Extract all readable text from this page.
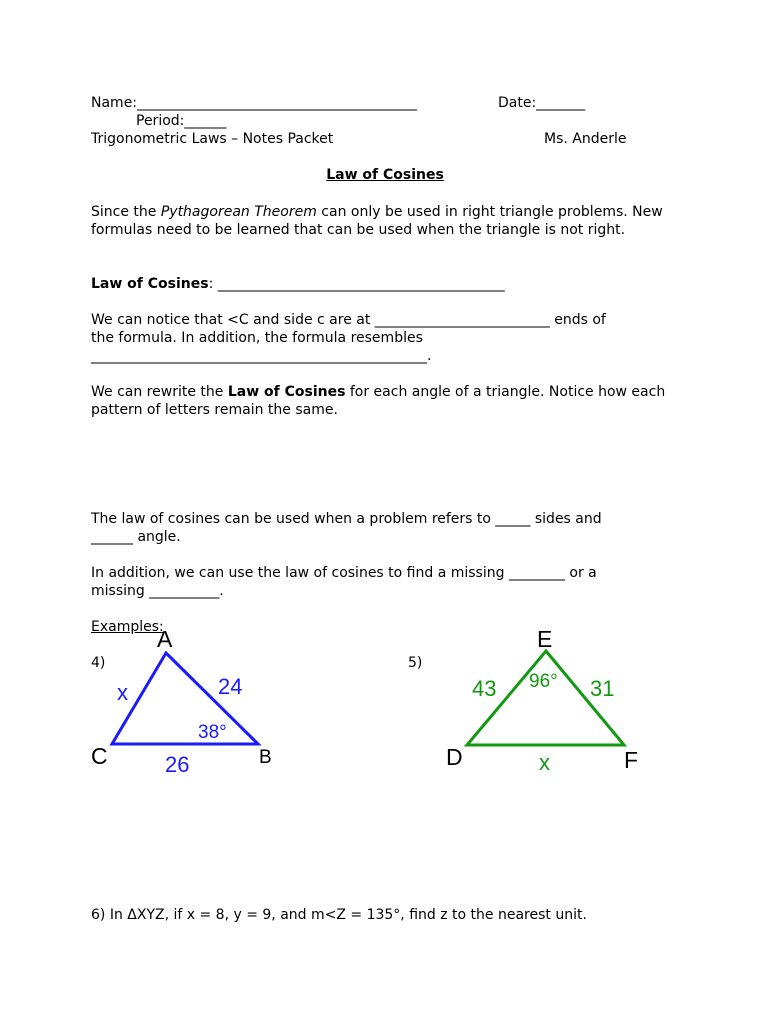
Name:________________________________________	Date:_______
Period:______
Trigonometric Laws – Notes Packet	Ms. Anderle
Law of Cosines
Since the Pythagorean Theorem can only be used in right triangle problems. New formulas need to be learned that can be used when the triangle is not right.
Law of Cosines: _________________________________________
We can notice that <C and side c are at _________________________ ends of
the formula. In addition, the formula resembles
________________________________________________.
We can rewrite the Law of Cosines for each angle of a triangle. Notice how each pattern of letters remain the same.
The law of cosines can be used when a problem refers to _____ sides and
______ angle.
In addition, we can use the law of cosines to find a missing ________ or a
missing __________.
Examples:
4)
A
C	B
x	24
26
38°
5)
E
D	F
43	31
x
96°
6) In ΔXYZ, if x = 8, y = 9, and m<Z = 135°, find z to the nearest unit.
